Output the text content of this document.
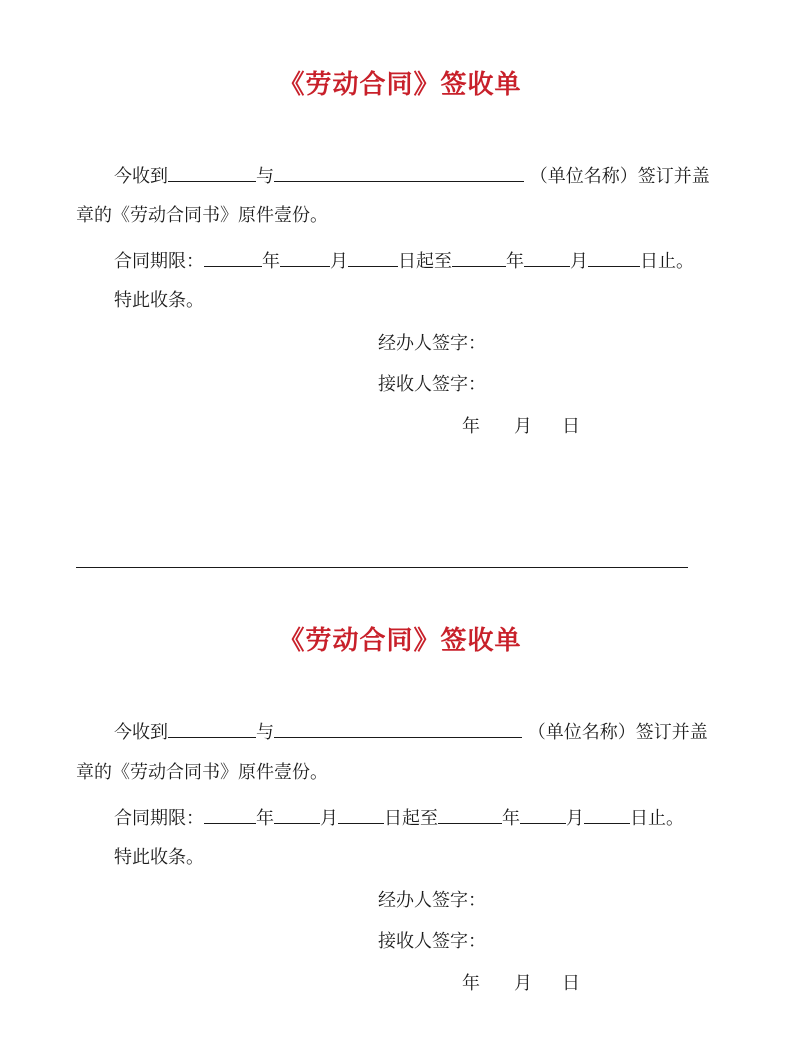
《劳动合同》签收单
今收到	与	（单位名称）签订并盖
章的《劳动合同书》原件壹份。
合同期限：	年	月	日起至	年	月	日止。
特此收条。
经办人签字：
接收人签字：
年 月 日
《劳动合同》签收单
今收到	与	（单位名称）签订并盖
章的《劳动合同书》原件壹份。
合同期限：	年	月	日起至	年	月	日止。
特此收条。
经办人签字：
接收人签字：
年 月 日
